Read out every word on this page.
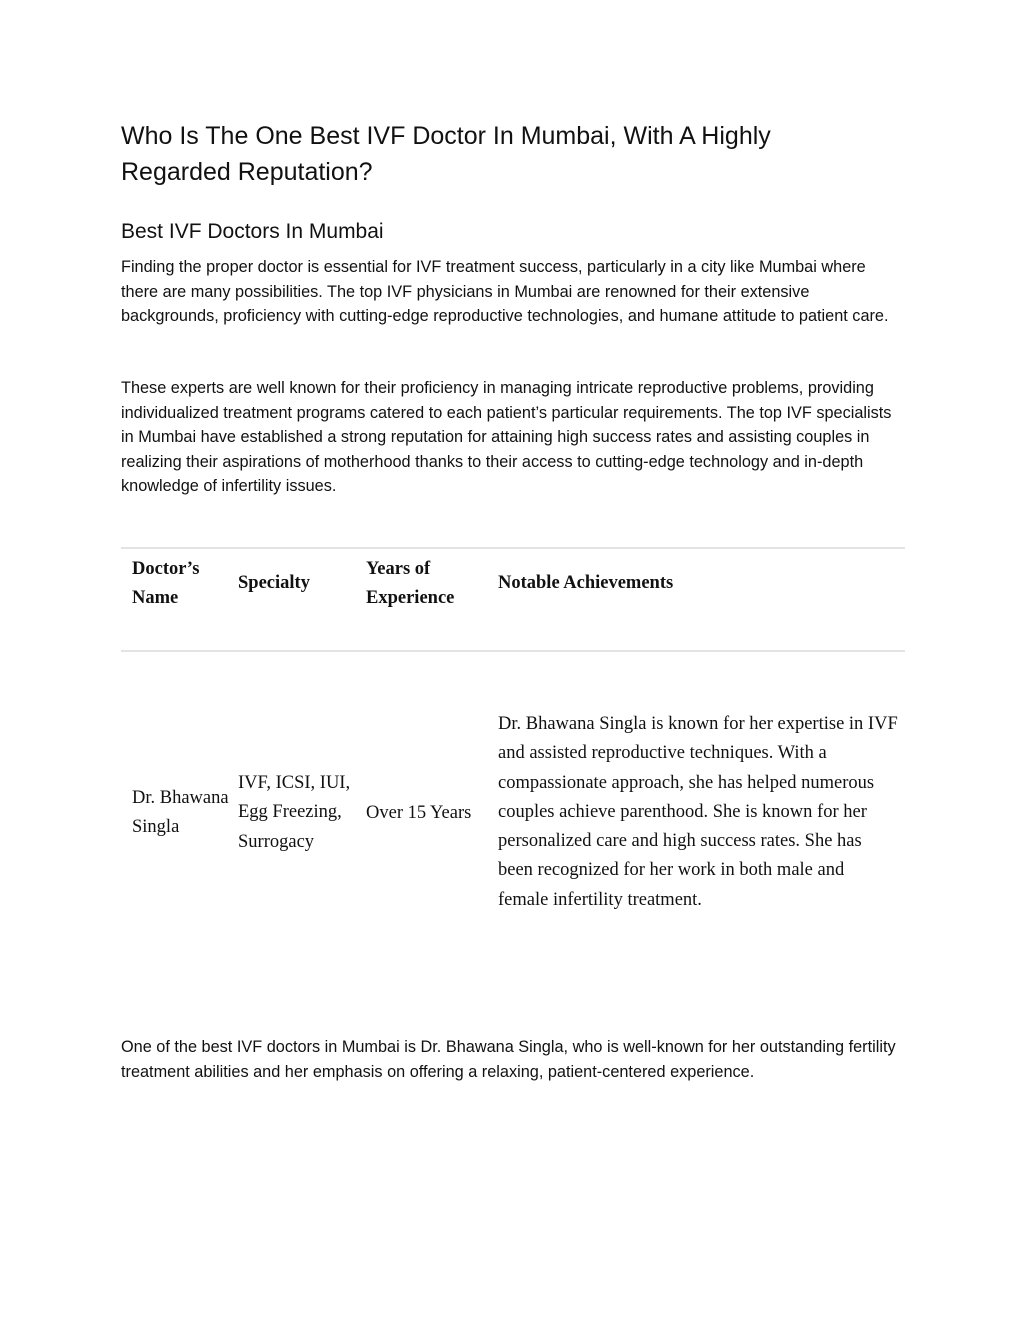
Who Is The One Best IVF Doctor In Mumbai, With A Highly Regarded Reputation?
Best IVF Doctors In Mumbai

Finding the proper doctor is essential for IVF treatment success, particularly in a city like Mumbai where there are many possibilities. The top IVF physicians in Mumbai are renowned for their extensive backgrounds, proficiency with cutting-edge reproductive technologies, and humane attitude to patient care.

These experts are well known for their proficiency in managing intricate reproductive problems, providing individualized treatment programs catered to each patient’s particular requirements. The top IVF specialists in Mumbai have established a strong reputation for attaining high success rates and assisting couples in realizing their aspirations of motherhood thanks to their access to cutting-edge technology and in-depth knowledge of infertility issues.

Doctor’s Name
Specialty
Years of Experience
Notable Achievements
Dr. Bhawana Singla
IVF, ICSI, IUI, Egg Freezing, Surrogacy
Over 15 Years
Dr. Bhawana Singla is known for her expertise in IVF and assisted reproductive techniques. With a compassionate approach, she has helped numerous couples achieve parenthood. She is known for her personalized care and high success rates. She has been recognized for her work in both male and female infertility treatment.

One of the best IVF doctors in Mumbai is Dr. Bhawana Singla, who is well-known for her outstanding fertility treatment abilities and her emphasis on offering a relaxing, patient-centered experience.
